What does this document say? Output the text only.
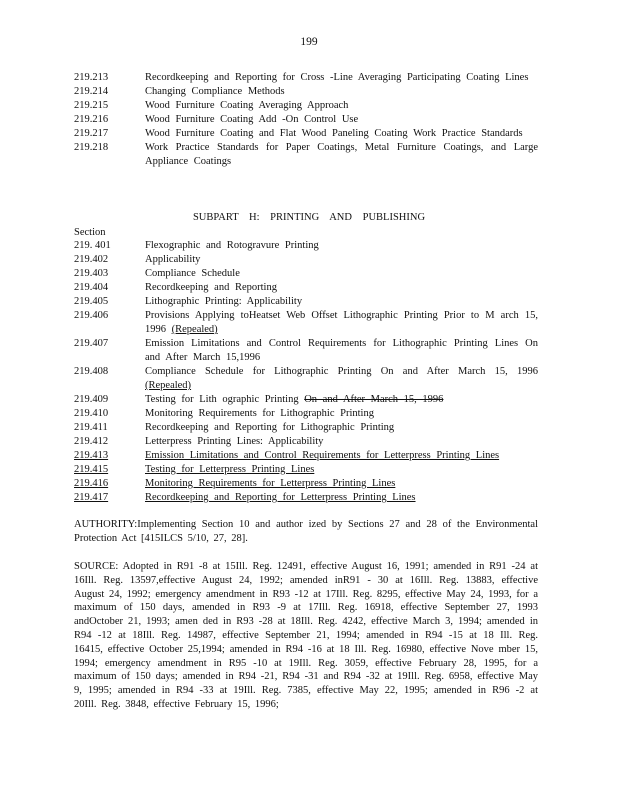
199
219.213	Recordkeeping and Reporting for Cross -Line Averaging Participating Coating Lines
219.214	Changing Compliance Methods
219.215	Wood Furniture Coating Averaging Approach
219.216	Wood Furniture Coating Add -On Control Use
219.217	Wood Furniture Coating and Flat Wood Paneling Coating Work Practice Standards
219.218	Work Practice Standards for Paper Coatings, Metal Furniture Coatings, and Large Appliance Coatings
SUBPART H: PRINTING AND PUBLISHING
Section
219. 401	Flexographic and Rotogravure Printing
219.402	Applicability
219.403	Compliance Schedule
219.404	Recordkeeping and Reporting
219.405	Lithographic Printing: Applicability
219.406	Provisions Applying toHeatset Web Offset Lithographic Printing Prior to M arch 15, 1996 (Repealed)
219.407	Emission Limitations and Control Requirements for Lithographic Printing Lines On and After March 15,1996
219.408	Compliance Schedule for Lithographic Printing On and After March 15, 1996 (Repealed)
219.409	Testing for Lith ographic Printing On and After March 15, 1996
219.410	Monitoring Requirements for Lithographic Printing
219.411	Recordkeeping and Reporting for Lithographic Printing
219.412	Letterpress Printing Lines: Applicability
219.413	Emission Limitations and Control Requirements for Letterpress Printing Lines
219.415	Testing for Letterpress Printing Lines
219.416	Monitoring Requirements for Letterpress Printing Lines
219.417	Recordkeeping and Reporting for Letterpress Printing Lines
AUTHORITY:Implementing Section 10 and author ized by Sections 27 and 28 of the Environmental Protection Act [415ILCS 5/10, 27, 28].
SOURCE: Adopted in R91 -8 at 15Ill. Reg. 12491, effective August 16, 1991; amended in R91 -24 at 16Ill. Reg. 13597,effective August 24, 1992; amended inR91 - 30 at 16Ill. Reg. 13883, effective August 24, 1992; emergency amendment in R93 -12 at 17Ill. Reg. 8295, effective May 24, 1993, for a maximum of 150 days, amended in R93 -9 at 17Ill. Reg. 16918, effective September 27, 1993 andOctober 21, 1993; amen ded in R93 -28 at 18Ill. Reg. 4242, effective March 3, 1994; amended in R94 -12 at 18Ill. Reg. 14987, effective September 21, 1994; amended in R94 -15 at 18 Ill. Reg. 16415, effective October 25,1994; amended in R94 -16 at 18 Ill. Reg. 16980, effective Nove mber 15, 1994; emergency amendment in R95 -10 at 19Ill. Reg. 3059, effective February 28, 1995, for a maximum of 150 days; amended in R94 -21, R94 -31 and R94 -32 at 19Ill. Reg. 6958, effective May 9, 1995; amended in R94 -33 at 19Ill. Reg. 7385, effective May 22, 1995; amended in R96 -2 at 20Ill. Reg. 3848, effective February 15, 1996;
